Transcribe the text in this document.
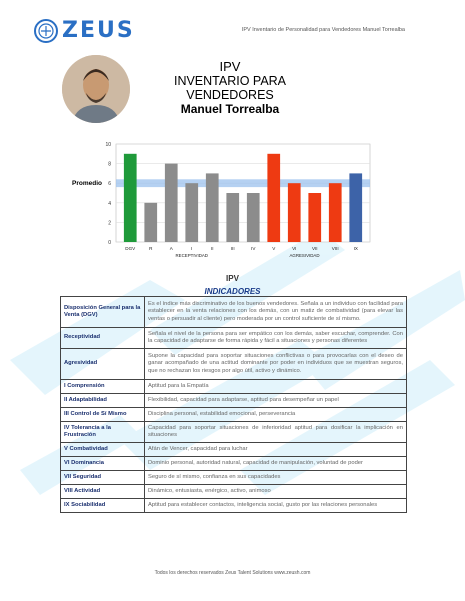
ZEUS	IPV Inventario de Personalidad para Vendedores Manuel Torrealba
IPV
INVENTARIO PARA VENDEDORES
Manuel Torrealba
0
2
4
6
8
10
Promedio
DGV	R	A	I	II	III	IV	V	VI	VII	VIII	IX
RECEPTIVIDAD	AGRESIVIDAD
IPV
INDICADORES
Disposición General para la Venta (DGV)	Es el índice más discriminativo de los buenos vendedores. Señala a un individuo con facilidad para establecer en la venta relaciones con los demás, con un matiz de combatividad (para elevar las ventas o persuadir al cliente) pero moderada por un control suficiente de sí mismo.
Receptividad	Señala el nivel de la persona para ser empático con los demás, saber escuchar, comprender. Con la capacidad de adaptarse de forma rápida y fácil a situaciones y personas diferentes
Agresividad	Supone la capacidad para soportar situaciones conflictivas o para provocarlas con el deseo de ganar acompañado de una actitud dominante por poder en individuos que se muestran seguros, que no rechazan los riesgos por algo útil, activo y dinámico.
I Comprensión	Aptitud para la Empatía
II Adaptabilidad	Flexibilidad, capacidad para adaptarse, aptitud para desempeñar un papel
III Control de Sí Mismo	Disciplina personal, estabilidad emocional, perseverancia
IV Tolerancia a la Frustración	Capacidad para soportar situaciones de inferioridad aptitud para dosificar la implicación en situaciones
V Combatividad	Afán de Vencer, capacidad para luchar
VI Dominancia	Dominio personal, autoridad natural, capacidad de manipulación, voluntad de poder
VII Seguridad	Seguro de sí mismo, confianza en sus capacidades
VIII Actividad	Dinámico, entusiasta, enérgico, activo, animoso
IX Sociabilidad	Aptitud para establecer contactos, inteligencia social, gusto por las relaciones personales
Todos los derechos reservados Zeus Talent Solutions www.zeush.com
